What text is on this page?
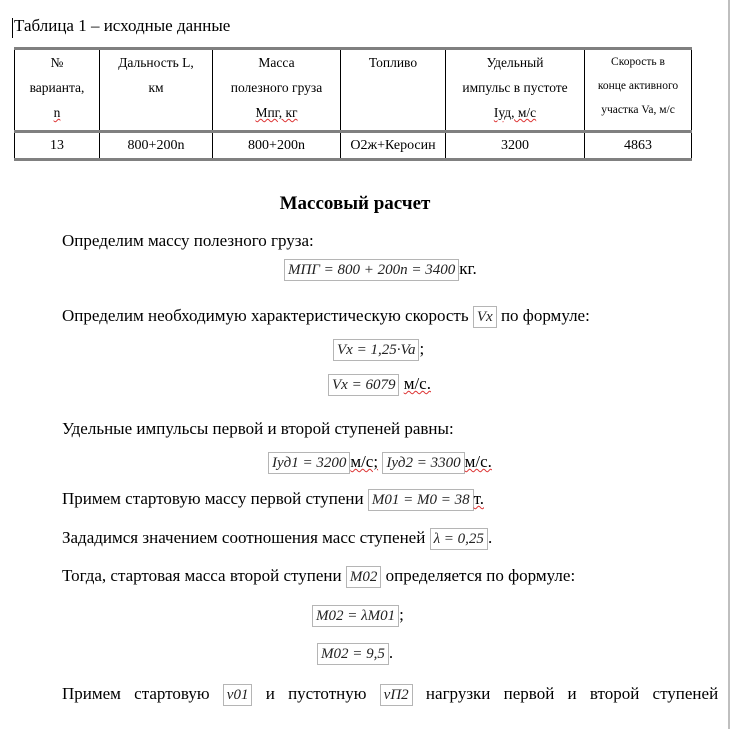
Таблица 1 – исходные данные
№
варианта,
n	Дальность L,
км	Масса
полезного груза
Mпг, кг	Топливо	Удельный
импульс в пустоте
Iуд, м/с	Скорость в
конце активного
участка Va, м/с
13	800+200n	800+200n	O2ж+Керосин	3200	4863
Массовый расчет
Определим массу полезного груза:
MПГ = 800 + 200n = 3400 кг.
Определим необходимую характеристическую скорость Vx по формуле:
Vx = 1,25·Va ;
Vx = 6079 м/с.
Удельные импульсы первой и второй ступеней равны:
Iуд1 = 3200 м/с; Iуд2 = 3300 м/с.
Примем стартовую массу первой ступени M01 = M0 = 38 т.
Зададимся значением соотношения масс ступеней λ = 0,25 .
Тогда, стартовая масса второй ступени M02 определяется по формуле:
M02 = λM01 ;
M02 = 9,5 .
Примем стартовую ν01 и пустотную νП2 нагрузки первой и второй ступеней
